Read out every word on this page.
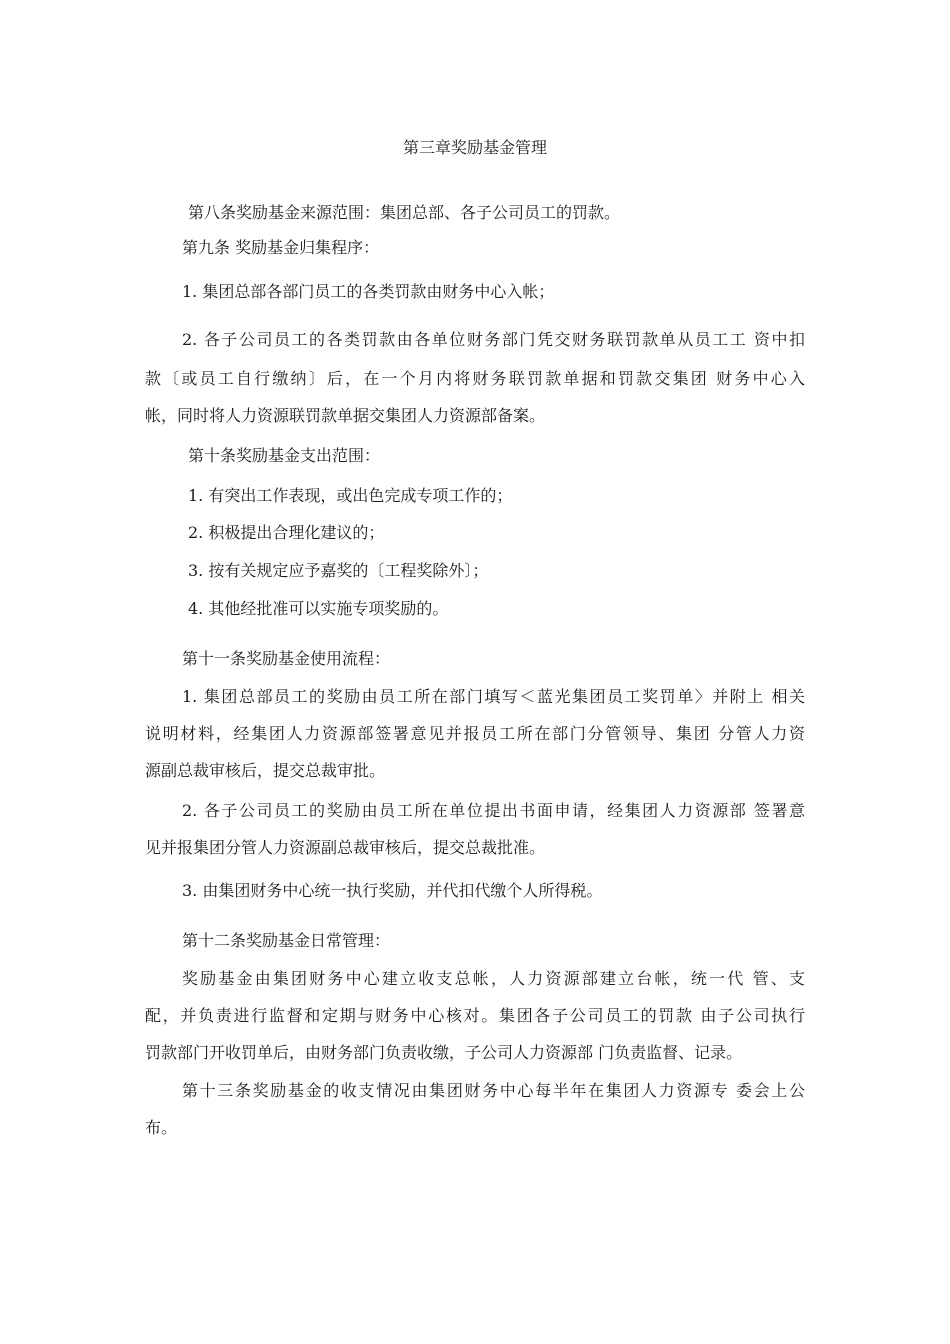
第三章奖励基金管理
第八条奖励基金来源范围：集团总部、各子公司员工的罚款。
第九条 奖励基金归集程序：
1. 集团总部各部门员工的各类罚款由财务中心入帐；
2. 各子公司员工的各类罚款由各单位财务部门凭交财务联罚款单从员工工 资中扣
款〔或员工自行缴纳〕后，在一个月内将财务联罚款单据和罚款交集团 财务中心入
帐，同时将人力资源联罚款单据交集团人力资源部备案。
第十条奖励基金支出范围：
1. 有突出工作表现，或出色完成专项工作的；
2. 积极提出合理化建议的；
3. 按有关规定应予嘉奖的〔工程奖除外〕；
4. 其他经批准可以实施专项奖励的。
第十一条奖励基金使用流程：
1. 集团总部员工的奖励由员工所在部门填写＜蓝光集团员工奖罚单〉并附上 相关
说明材料，经集团人力资源部签署意见并报员工所在部门分管领导、集团 分管人力资
源副总裁审核后，提交总裁审批。
2. 各子公司员工的奖励由员工所在单位提出书面申请，经集团人力资源部 签署意
见并报集团分管人力资源副总裁审核后，提交总裁批准。
3. 由集团财务中心统一执行奖励，并代扣代缴个人所得税。
第十二条奖励基金日常管理：
奖励基金由集团财务中心建立收支总帐，人力资源部建立台帐，统一代 管、支
配，并负责进行监督和定期与财务中心核对。集团各子公司员工的罚款 由子公司执行
罚款部门开收罚单后，由财务部门负责收缴，子公司人力资源部 门负责监督、记录。
第十三条奖励基金的收支情况由集团财务中心每半年在集团人力资源专 委会上公
布。
